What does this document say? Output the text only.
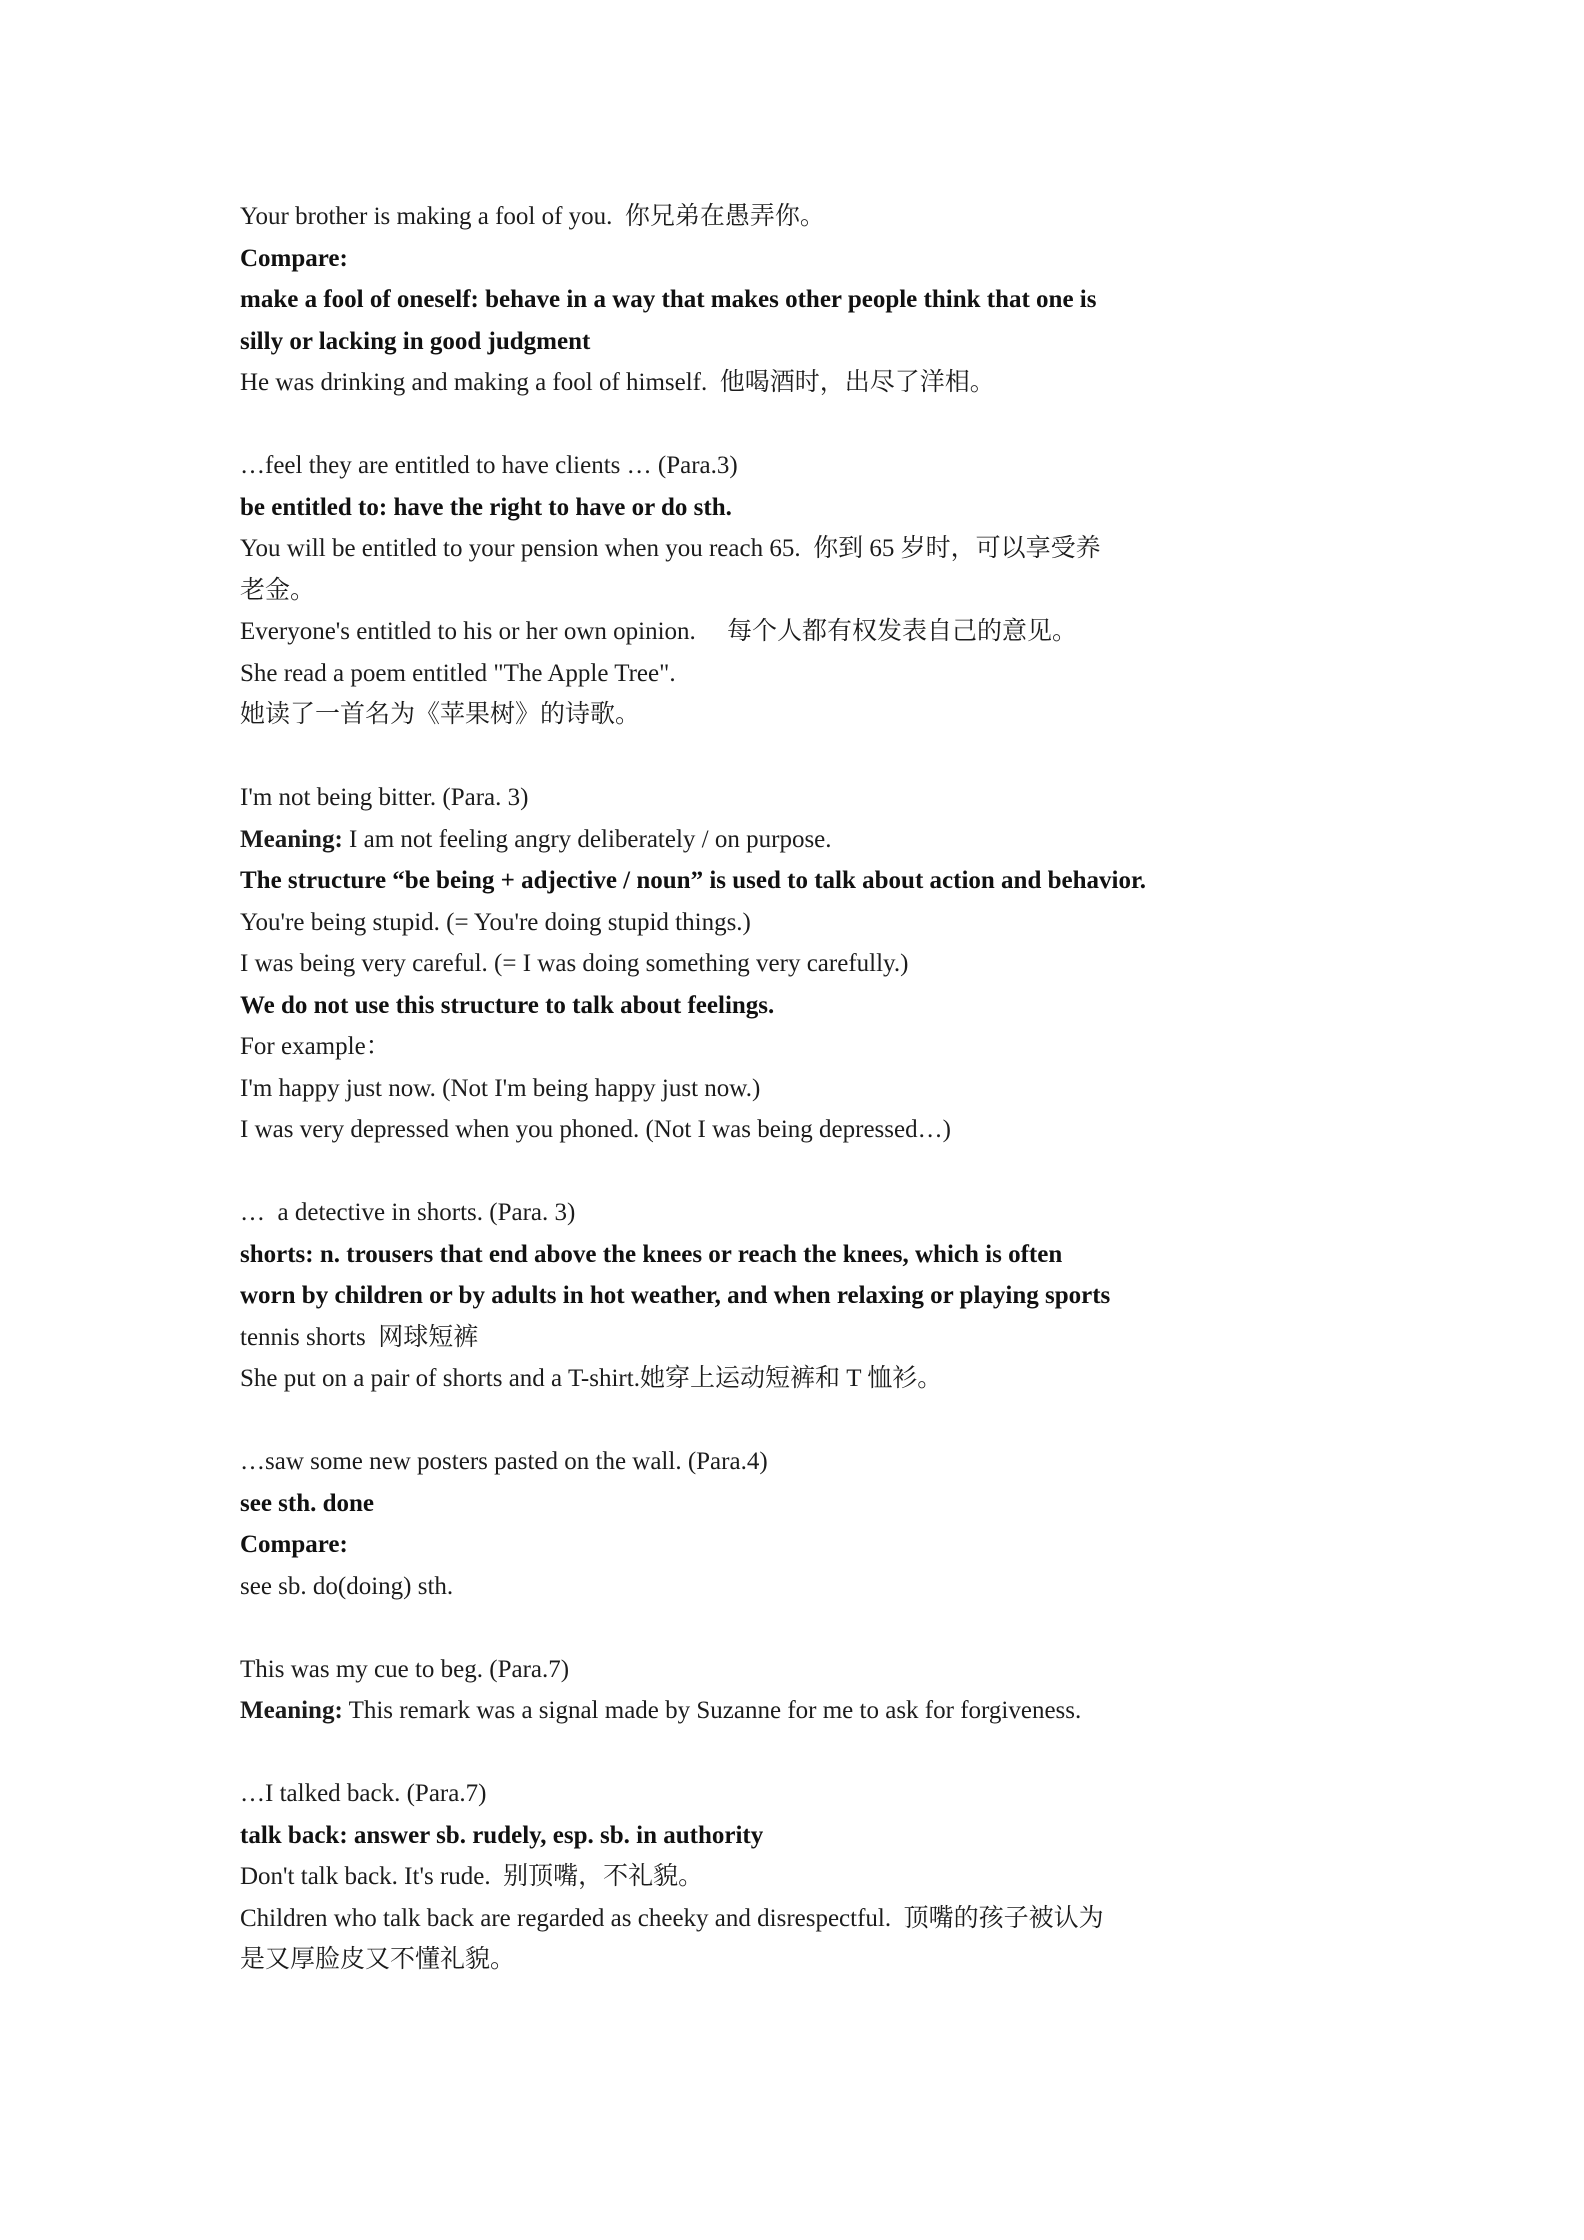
Your brother is making a fool of you.  你兄弟在愚弄你。
Compare:
make a fool of oneself: behave in a way that makes other people think that one is
silly or lacking in good judgment
He was drinking and making a fool of himself.  他喝酒时，出尽了洋相。
…feel they are entitled to have clients … (Para.3)
be entitled to: have the right to have or do sth.
You will be entitled to your pension when you reach 65.  你到 65 岁时，可以享受养
老金。
Everyone's entitled to his or her own opinion.     每个人都有权发表自己的意见。
She read a poem entitled "The Apple Tree".
她读了一首名为《苹果树》的诗歌。
I'm not being bitter. (Para. 3)
Meaning: I am not feeling angry deliberately / on purpose.
The structure “be being + adjective / noun” is used to talk about action and behavior.
You're being stupid. (= You're doing stupid things.)
I was being very careful. (= I was doing something very carefully.)
We do not use this structure to talk about feelings.
For example：
I'm happy just now. (Not I'm being happy just now.)
I was very depressed when you phoned. (Not I was being depressed…)
…  a detective in shorts. (Para. 3)
shorts: n. trousers that end above the knees or reach the knees, which is often
worn by children or by adults in hot weather, and when relaxing or playing sports
tennis shorts  网球短裤
She put on a pair of shorts and a T-shirt.她穿上运动短裤和 T 恤衫。
…saw some new posters pasted on the wall. (Para.4)
see sth. done
Compare:
see sb. do(doing) sth.
This was my cue to beg. (Para.7)
Meaning: This remark was a signal made by Suzanne for me to ask for forgiveness.
…I talked back. (Para.7)
talk back: answer sb. rudely, esp. sb. in authority
Don't talk back. It's rude.  别顶嘴，不礼貌。
Children who talk back are regarded as cheeky and disrespectful.  顶嘴的孩子被认为
是又厚脸皮又不懂礼貌。
